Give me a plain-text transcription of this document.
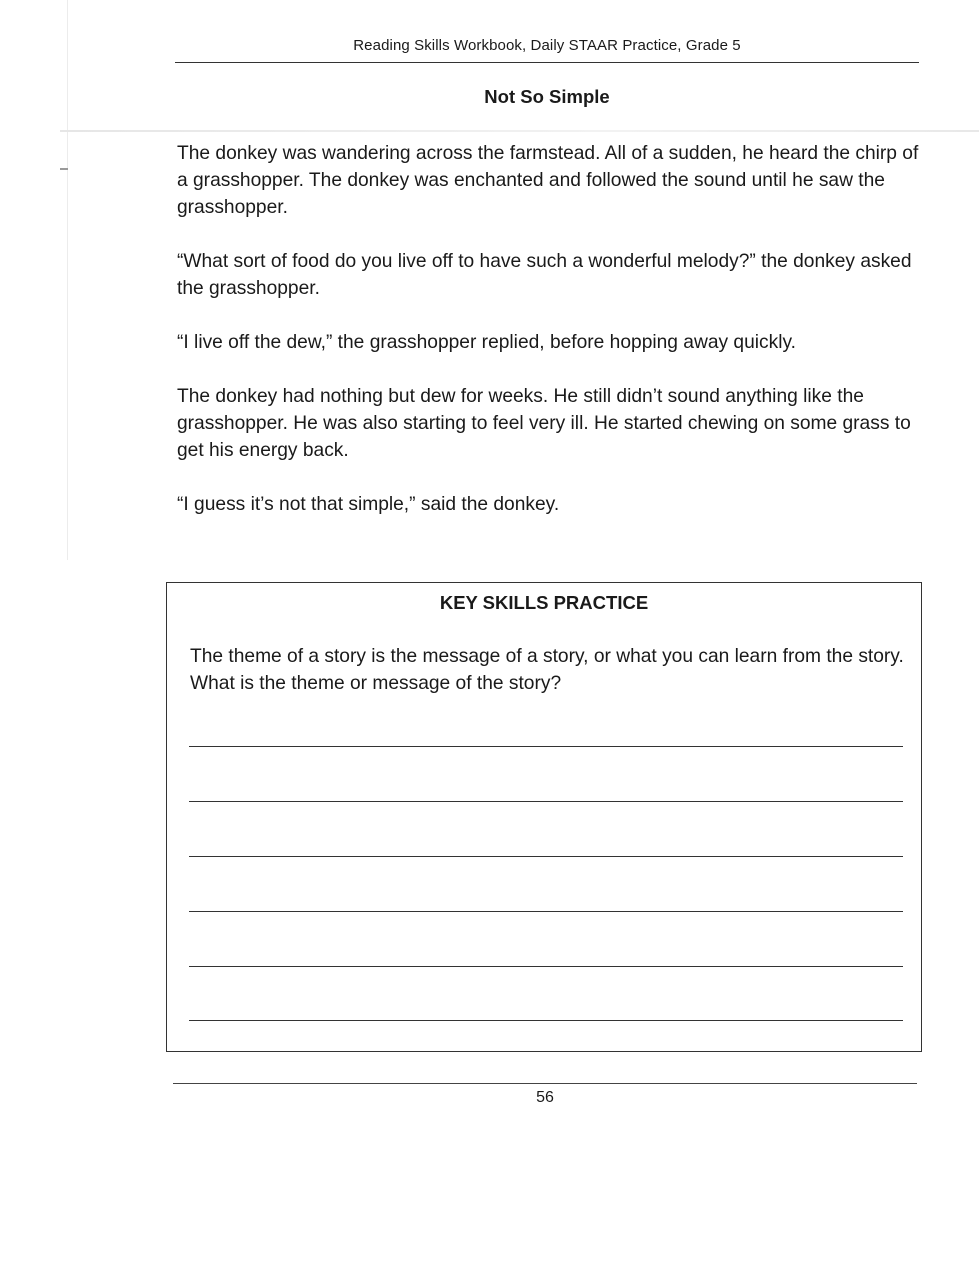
Reading Skills Workbook, Daily STAAR Practice, Grade 5
Not So Simple

The donkey was wandering across the farmstead. All of a sudden, he heard the chirp of a grasshopper. The donkey was enchanted and followed the sound until he saw the grasshopper.

“What sort of food do you live off to have such a wonderful melody?” the donkey asked the grasshopper.

“I live off the dew,” the grasshopper replied, before hopping away quickly.

The donkey had nothing but dew for weeks. He still didn’t sound anything like the grasshopper. He was also starting to feel very ill. He started chewing on some grass to get his energy back.

“I guess it’s not that simple,” said the donkey.

KEY SKILLS PRACTICE

The theme of a story is the message of a story, or what you can learn from the story. What is the theme or message of the story?

56
